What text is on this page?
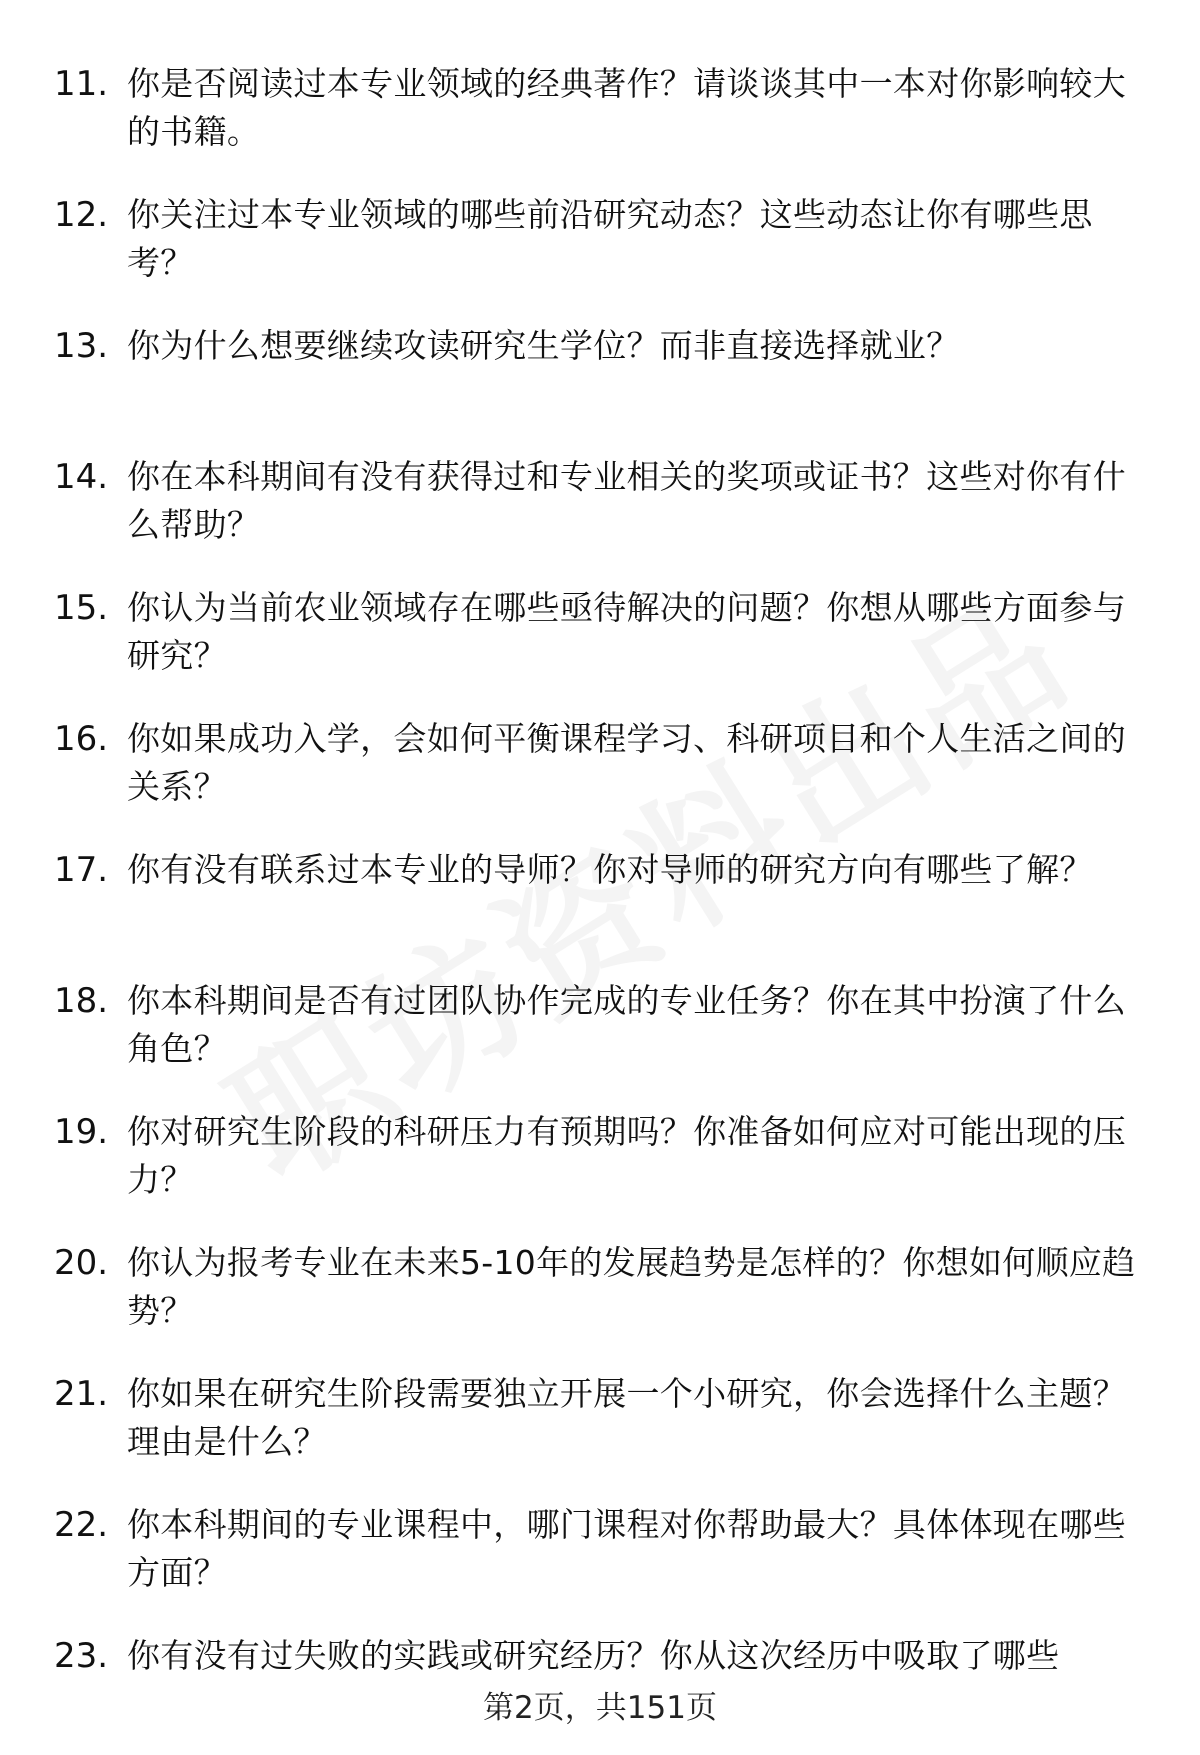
11. 你是否阅读过本专业领域的经典著作？请谈谈其中一本对你影响较大的书籍。
12. 你关注过本专业领域的哪些前沿研究动态？这些动态让你有哪些思考？
13. 你为什么想要继续攻读研究生学位？而非直接选择就业？
14. 你在本科期间有没有获得过和专业相关的奖项或证书？这些对你有什么帮助？
15. 你认为当前农业领域存在哪些亟待解决的问题？你想从哪些方面参与研究？
16. 你如果成功入学，会如何平衡课程学习、科研项目和个人生活之间的关系？
17. 你有没有联系过本专业的导师？你对导师的研究方向有哪些了解？
18. 你本科期间是否有过团队协作完成的专业任务？你在其中扮演了什么角色？
19. 你对研究生阶段的科研压力有预期吗？你准备如何应对可能出现的压力？
20. 你认为报考专业在未来5-10年的发展趋势是怎样的？你想如何顺应趋势？
21. 你如果在研究生阶段需要独立开展一个小研究，你会选择什么主题？理由是什么？
22. 你本科期间的专业课程中，哪门课程对你帮助最大？具体体现在哪些方面？
23. 你有没有过失败的实践或研究经历？你从这次经历中吸取了哪些
第2页，共151页
